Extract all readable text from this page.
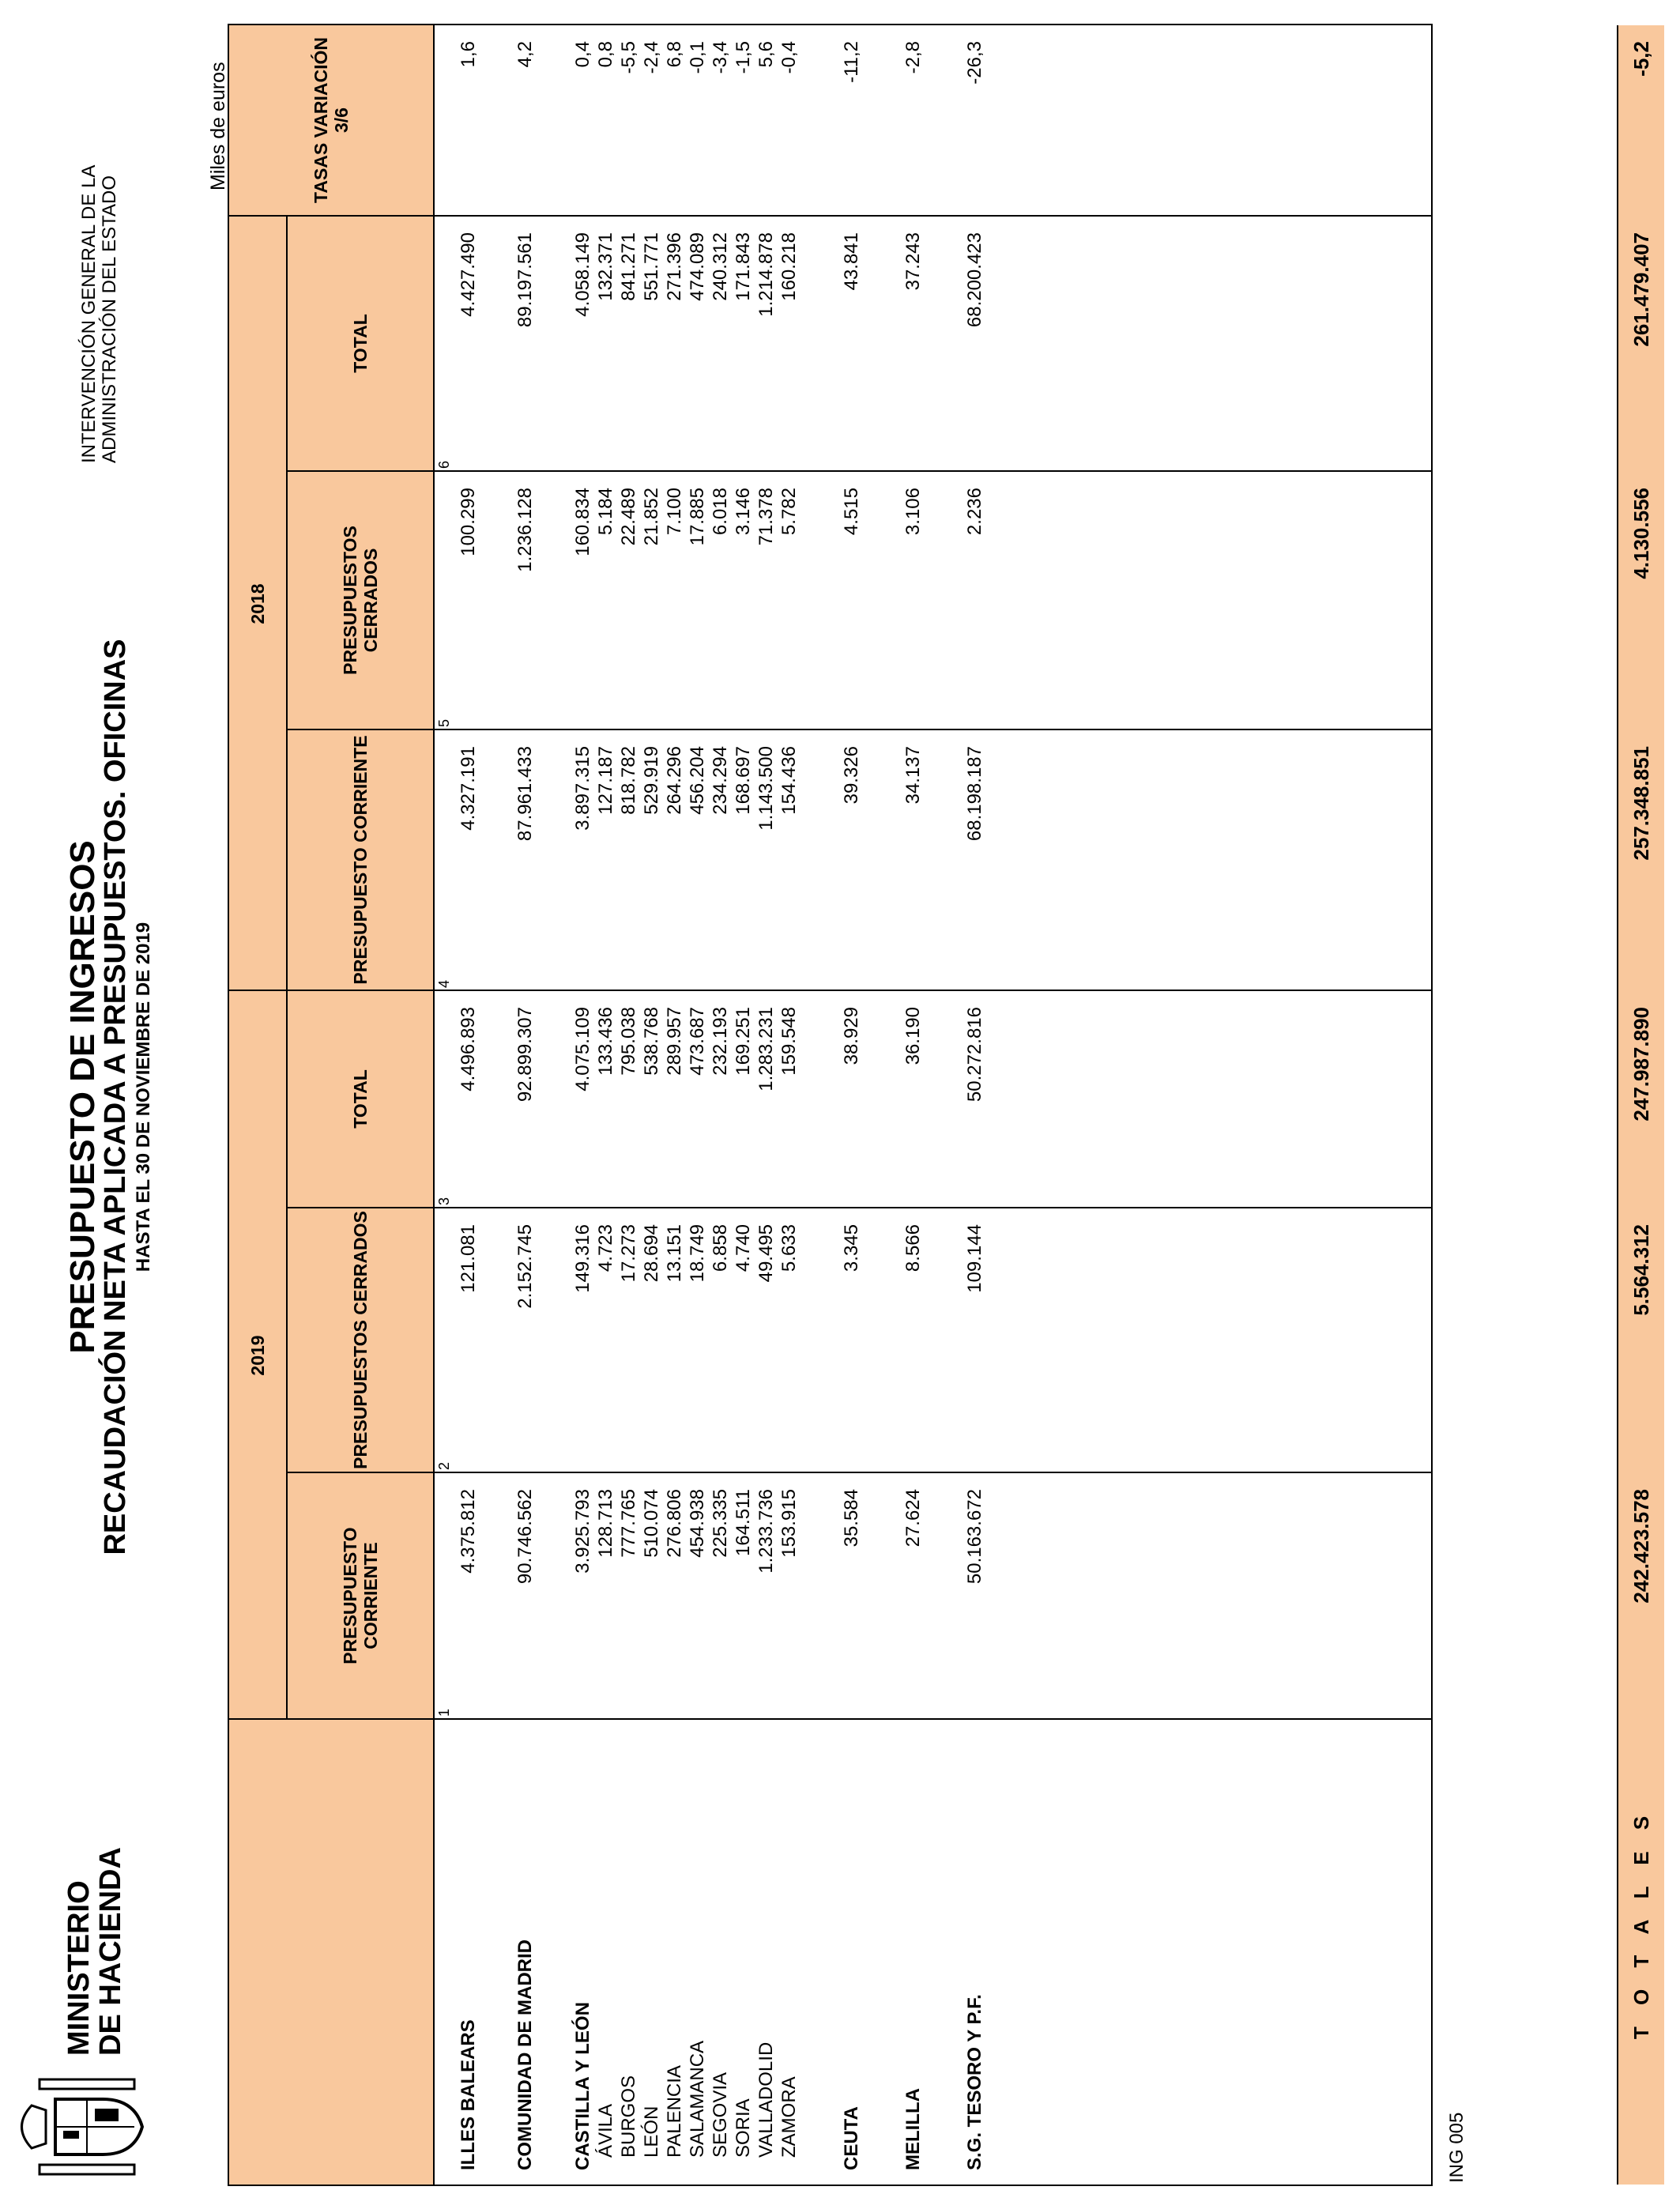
MINISTERIO
DE HACIENDA
PRESUPUESTO DE INGRESOS
RECAUDACIÓN NETA APLICADA A PRESUPUESTOS. OFICINAS HASTA EL 30 DE NOVIEMBRE DE 2019
INTERVENCIÓN GENERAL DE LA ADMINISTRACIÓN DEL ESTADO
Miles de euros
2019
2018
PRESUPUESTO CORRIENTE
PRESUPUESTOS CERRADOS
TOTAL
PRESUPUESTO CORRIENTE
PRESUPUESTOS CERRADOS
TOTAL
TASAS VARIACIÓN 3/6
1
2
3
4
5
6
ILLES BALEARS
4.375.812
121.081
4.496.893
4.327.191
100.299
4.427.490
1,6
COMUNIDAD DE MADRID
90.746.562
2.152.745
92.899.307
87.961.433
1.236.128
89.197.561
4,2
CASTILLA Y LEÓN
3.925.793
149.316
4.075.109
3.897.315
160.834
4.058.149
0,4
ÁVILA
128.713
4.723
133.436
127.187
5.184
132.371
0,8
BURGOS
777.765
17.273
795.038
818.782
22.489
841.271
-5,5
LEÓN
510.074
28.694
538.768
529.919
21.852
551.771
-2,4
PALENCIA
276.806
13.151
289.957
264.296
7.100
271.396
6,8
SALAMANCA
454.938
18.749
473.687
456.204
17.885
474.089
-0,1
SEGOVIA
225.335
6.858
232.193
234.294
6.018
240.312
-3,4
SORIA
164.511
4.740
169.251
168.697
3.146
171.843
-1,5
VALLADOLID
1.233.736
49.495
1.283.231
1.143.500
71.378
1.214.878
5,6
ZAMORA
153.915
5.633
159.548
154.436
5.782
160.218
-0,4
CEUTA
35.584
3.345
38.929
39.326
4.515
43.841
-11,2
MELILLA
27.624
8.566
36.190
34.137
3.106
37.243
-2,8
S.G. TESORO Y P.F.
50.163.672
109.144
50.272.816
68.198.187
2.236
68.200.423
-26,3
T O T A L E S
242.423.578
5.564.312
247.987.890
257.348.851
4.130.556
261.479.407
-5,2
ING 005
